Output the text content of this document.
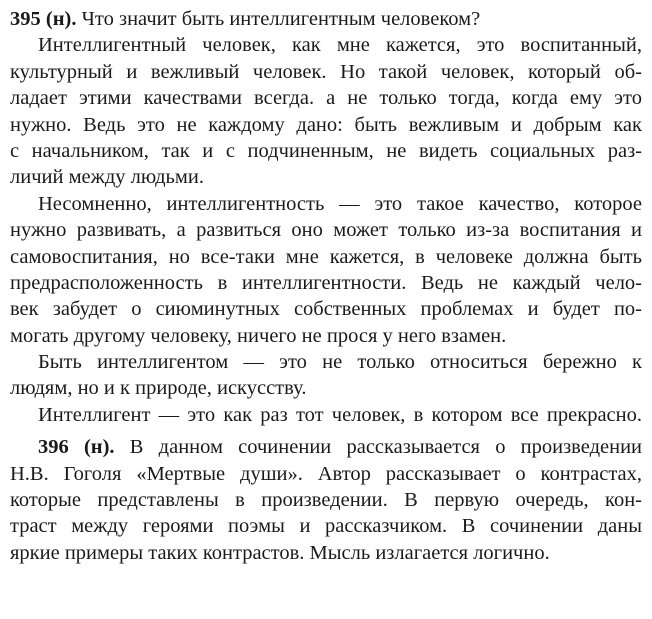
395 (н). Что значит быть интеллигентным человеком?
Интеллигентный человек, как мне кажется, это воспитанный,
культурный и вежливый человек. Но такой человек, который об-
ладает этими качествами всегда. а не только тогда, когда ему это
нужно. Ведь это не каждому дано: быть вежливым и добрым как
с начальником, так и с подчиненным, не видеть социальных раз-
личий между людьми.
Несомненно, интеллигентность — это такое качество, которое
нужно развивать, а развиться оно может только из-за воспитания и
самовоспитания, но все-таки мне кажется, в человеке должна быть
предрасположенность в интеллигентности. Ведь не каждый чело-
век забудет о сиюминутных собственных проблемах и будет по-
могать другому человеку, ничего не прося у него взамен.
Быть интеллигентом — это не только относиться бережно к
людям, но и к природе, искусству.
Интеллигент — это как раз тот человек, в котором все прекрасно.
396 (н). В данном сочинении рассказывается о произведении
Н.В. Гоголя «Мертвые души». Автор рассказывает о контрастах,
которые представлены в произведении. В первую очередь, кон-
траст между героями поэмы и рассказчиком. В сочинении даны
яркие примеры таких контрастов. Мысль излагается логично.
